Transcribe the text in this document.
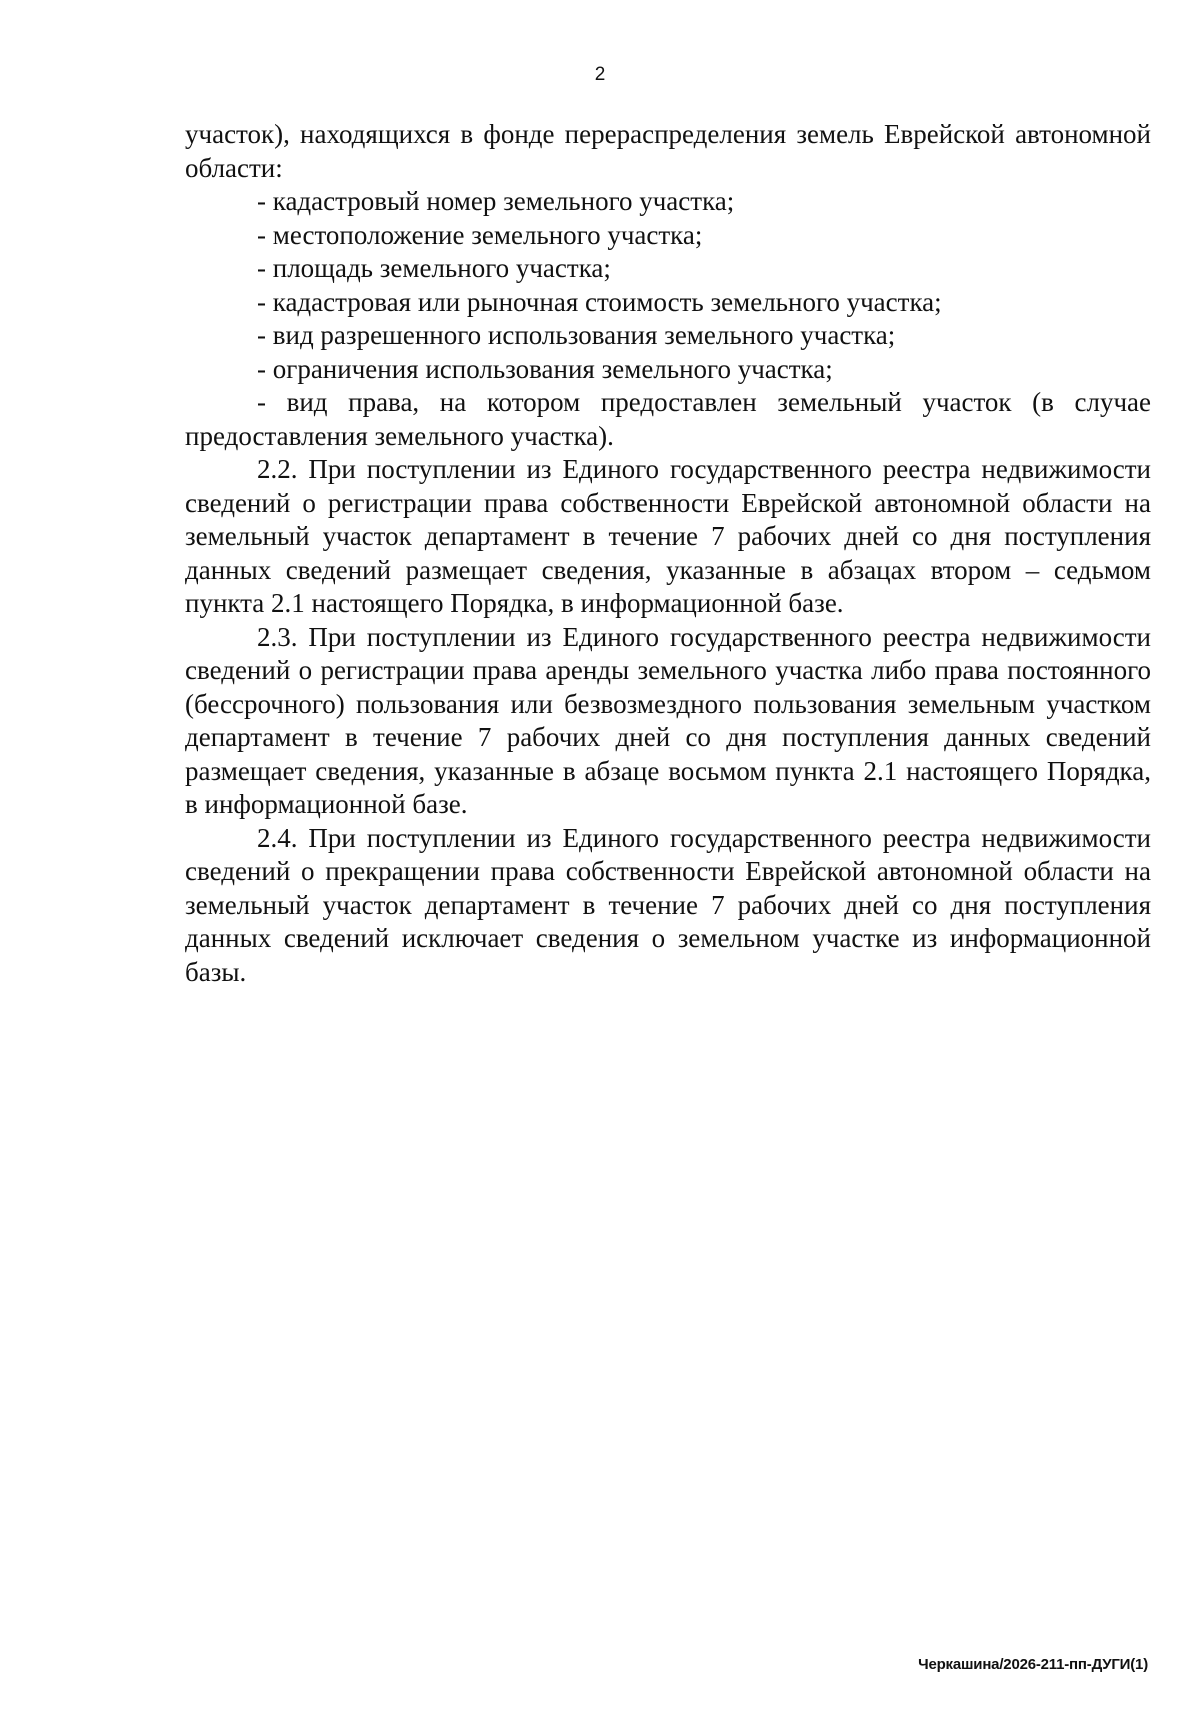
2

участок), находящихся в фонде перераспределения земель Еврейской автономной области:

- кадастровый номер земельного участка;
- местоположение земельного участка;
- площадь земельного участка;
- кадастровая или рыночная стоимость земельного участка;
- вид разрешенного использования земельного участка;
- ограничения использования земельного участка;
- вид права, на котором предоставлен земельный участок (в случае предоставления земельного участка).

2.2. При поступлении из Единого государственного реестра недвижимости сведений о регистрации права собственности Еврейской автономной области на земельный участок департамент в течение 7 рабочих дней со дня поступления данных сведений размещает сведения, указанные в абзацах втором – седьмом пункта 2.1 настоящего Порядка, в информационной базе.

2.3. При поступлении из Единого государственного реестра недвижимости сведений о регистрации права аренды земельного участка либо права постоянного (бессрочного) пользования или безвозмездного пользования земельным участком департамент в течение 7 рабочих дней со дня поступления данных сведений размещает сведения, указанные в абзаце восьмом пункта 2.1 настоящего Порядка, в информационной базе.

2.4. При поступлении из Единого государственного реестра недвижимости сведений о прекращении права собственности Еврейской автономной области на земельный участок департамент в течение 7 рабочих дней со дня поступления данных сведений исключает сведения о земельном участке из информационной базы.

Черкашина/2026-211-пп-ДУГИ(1)
